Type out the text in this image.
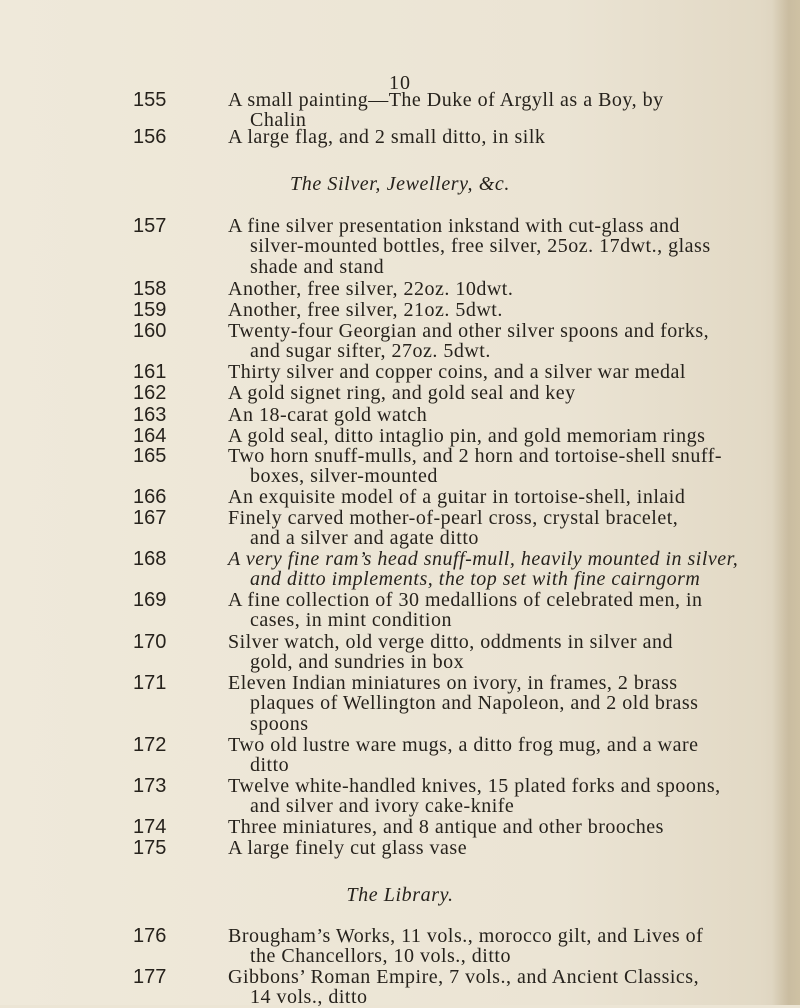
10
155	A small painting—The Duke of Argyll as a Boy, by
Chalin
156	A large flag, and 2 small ditto, in silk
The Silver, Jewellery, &c.
157	A fine silver presentation inkstand with cut-glass and
silver-mounted bottles, free silver, 25oz. 17dwt., glass
shade and stand
158	Another, free silver, 22oz. 10dwt.
159	Another, free silver, 21oz. 5dwt.
160	Twenty-four Georgian and other silver spoons and forks,
and sugar sifter, 27oz. 5dwt.
161	Thirty silver and copper coins, and a silver war medal
162	A gold signet ring, and gold seal and key
163	An 18-carat gold watch
164	A gold seal, ditto intaglio pin, and gold memoriam rings
165	Two horn snuff-mulls, and 2 horn and tortoise-shell snuff-
boxes, silver-mounted
166	An exquisite model of a guitar in tortoise-shell, inlaid
167	Finely carved mother-of-pearl cross, crystal bracelet,
and a silver and agate ditto
168	A very fine ram’s head snuff-mull, heavily mounted in silver,
and ditto implements, the top set with fine cairngorm
169	A fine collection of 30 medallions of celebrated men, in
cases, in mint condition
170	Silver watch, old verge ditto, oddments in silver and
gold, and sundries in box
171	Eleven Indian miniatures on ivory, in frames, 2 brass
plaques of Wellington and Napoleon, and 2 old brass
spoons
172	Two old lustre ware mugs, a ditto frog mug, and a ware
ditto
173	Twelve white-handled knives, 15 plated forks and spoons,
and silver and ivory cake-knife
174	Three miniatures, and 8 antique and other brooches
175	A large finely cut glass vase
The Library.
176	Brougham’s Works, 11 vols., morocco gilt, and Lives of
the Chancellors, 10 vols., ditto
177	Gibbons’ Roman Empire, 7 vols., and Ancient Classics,
14 vols., ditto
